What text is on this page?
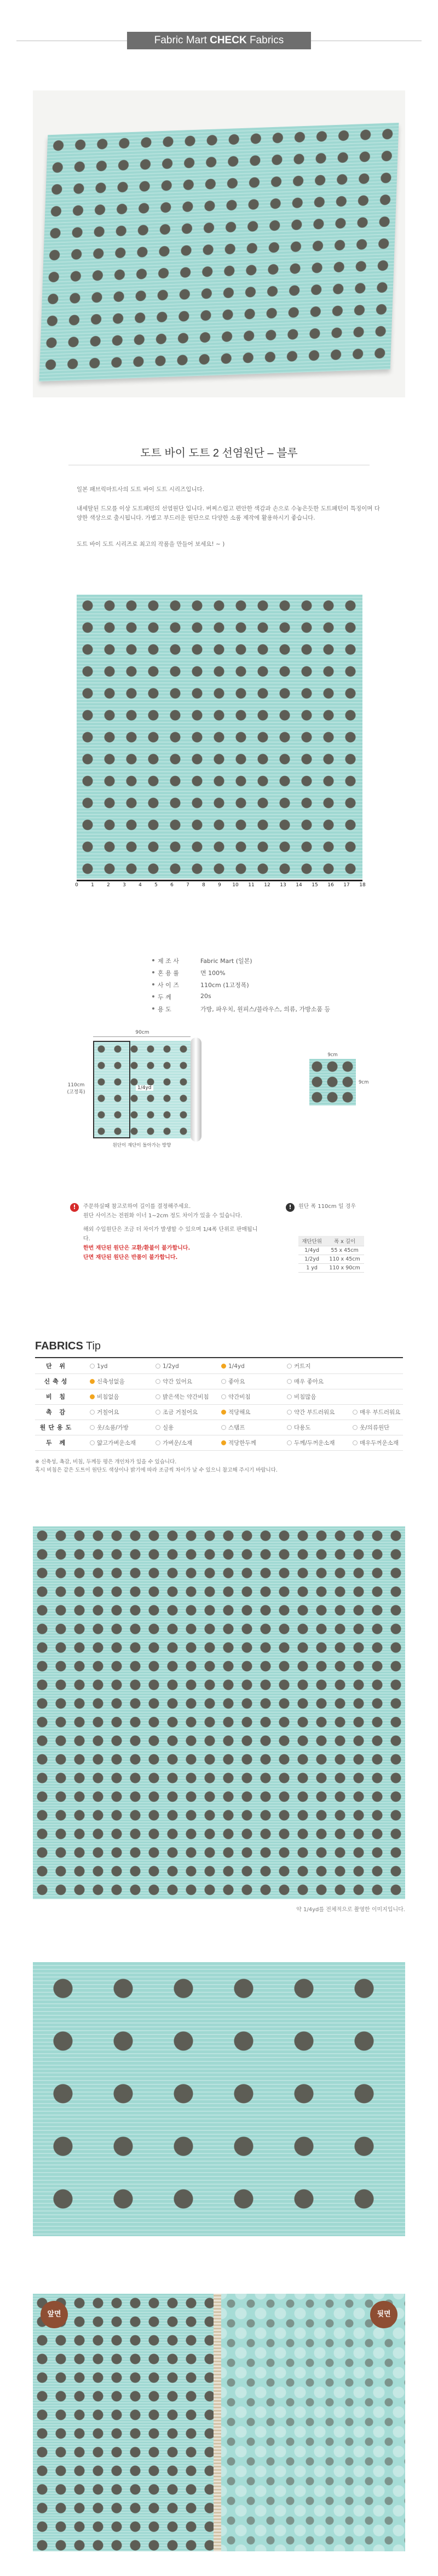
Fabric Mart CHECK Fabrics
도트 바이 도트 2 선염원단 – 블루
일본 패브릭마트사의 도트 바이 도트 시리즈입니다.
내세탈된 드모를 이상 도트패턴의 선염원단 입니다. 버찌스럽고 편안한 색감과 손으로 수놓은듯한 도트패턴이 특징이며 다양한 색상으로 출시됩니다. 가볍고 부드러운 원단으로 다양한 소품 제작에 활용하시기 좋습니다.
도트 바이 도트 시리즈로 최고의 작품을 만들어 보세요! ~ )
0	1	2	3	4	5	6	7	8	9	10 11 12 13 14 15 16 17 18
제 조 사	Fabric Mart (일본)
혼 용 률	면 100%
사 이 즈	110cm (1고정폭)
두 께	20s
용 도	가방, 파우치, 원피스/블라우스, 의류, 가방소품 등
90cm
110cm
(고정폭)
1/4yd
원단이 재단이 돌아가는 방향
9cm
9cm
!	주문하실때 참고로하여 길이를 결정해주세요.
원단 사이즈는 전원화 이너 1~2cm 정도 차이가 있을 수 있습니다.
해외 수입원단은 조금 더 차이가 발생할 수 있으며 1/4폭 단위로 판매됩니다.
한번 재단된 원단은 교환/환불이 불가합니다.
단면 재단된 원단은 반품이 불가합니다.
!	원단 폭 110cm 일 경우
재단단위	폭 x 길이
1/4yd	55 x 45cm
1/2yd	110 x 45cm
1 yd	110 x 90cm
FABRICS Tip
단 위	1yd	1/2yd	1/4yd	커트지
신축성	신축성없음	약간 있어요	좋아요	매우 좋아요
비 침	비침없음	밝은색는 약간비침	약간비침	비침많음
촉 감	거칠어요	조금 거칠어요	적당해요	약간 부드러워요	매우 부드러워요
원단용도	옷/소품/가방	실용	스탬프	다용도	옷/의류원단
두 께	얇고가벼운소재	가벼운/소재	적당한두께	두께/두꺼운소재	매우두꺼운소재
※ 신축성, 촉감, 비침, 두께등 평은 개인차가 있을 수 있습니다.
혹시 비침은 같은 도트이 원단도 색상이나 밝기에 따라 조금씩 차이가 날 수 있으니 참고해 주시기 바랍니다.
약 1/4yd를 전체적으로 촬영한 이미지입니다.
앞면	뒷면
